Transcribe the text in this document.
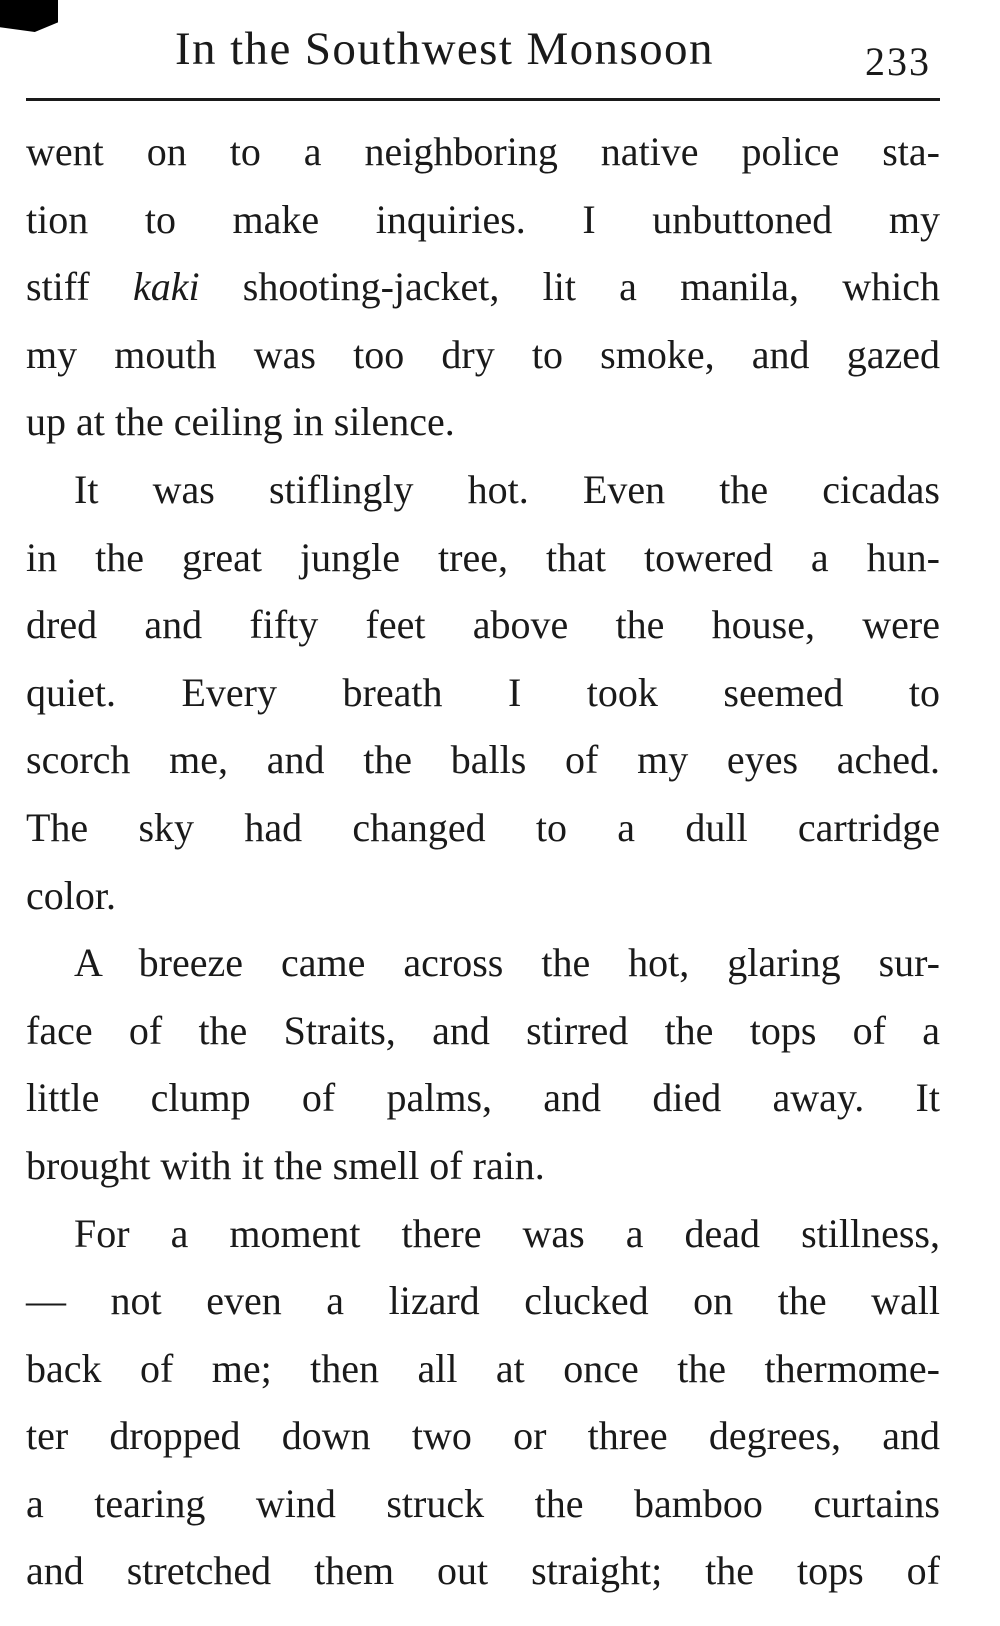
In the Southwest Monsoon	233
went on to a neighboring native police sta-
tion to make inquiries. I unbuttoned my
stiff kaki shooting-jacket, lit a manila, which
my mouth was too dry to smoke, and gazed
up at the ceiling in silence.
It was stiflingly hot. Even the cicadas
in the great jungle tree, that towered a hun-
dred and fifty feet above the house, were
quiet. Every breath I took seemed to
scorch me, and the balls of my eyes ached.
The sky had changed to a dull cartridge
color.
A breeze came across the hot, glaring sur-
face of the Straits, and stirred the tops of a
little clump of palms, and died away. It
brought with it the smell of rain.
For a moment there was a dead stillness,
— not even a lizard clucked on the wall
back of me; then all at once the thermome-
ter dropped down two or three degrees, and
a tearing wind struck the bamboo curtains
and stretched them out straight; the tops of
